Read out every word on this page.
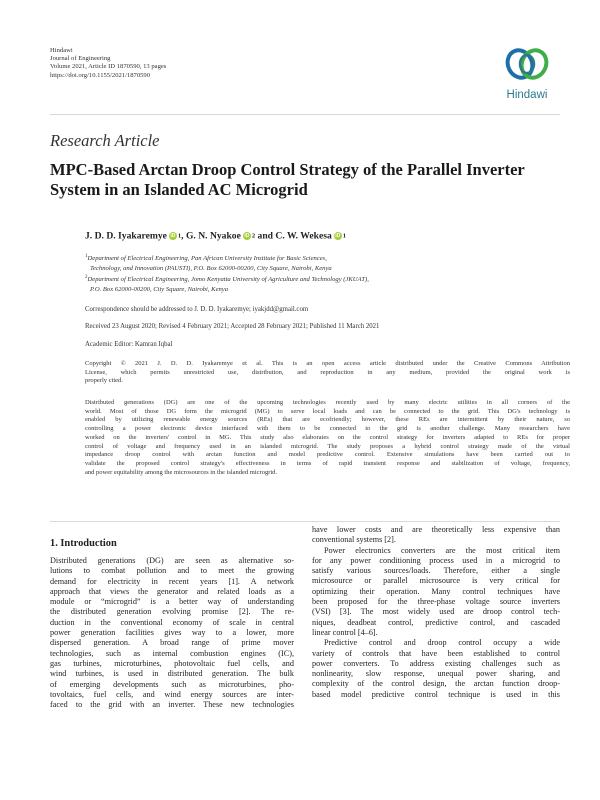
Hindawi
Journal of Engineering
Volume 2021, Article ID 1870590, 13 pages
https://doi.org/10.1155/2021/1870590
Hindawi
Research Article
MPC-Based Arctan Droop Control Strategy of the Parallel Inverter
System in an Islanded AC Microgrid
J. D. D. Iyakaremye iD 1, G. N. Nyakoe iD 2 and C. W. Wekesa iD 1
$^1$Department of Electrical Engineering, Pan African University Institute for Basic Sciences,
Technology, and Innovation (PAUSTI), P.O. Box 62000-00200, City Square, Nairobi, Kenya
$^2$Department of Electrical Engineering, Jomo Kenyatta University of Agriculture and Technology (JKUAT),
P.O. Box 62000-00200, City Square, Nairobi, Kenya
Correspondence should be addressed to J. D. D. Iyakaremye; iyakjdd@gmail.com
Received 23 August 2020; Revised 4 February 2021; Accepted 28 February 2021; Published 11 March 2021
Academic Editor: Kamran Iqbal
Copyright © 2021 J. D. D. Iyakaremye et al. This is an open access article distributed under the Creative Commons Attribution
License, which permits unrestricted use, distribution, and reproduction in any medium, provided the original work is
properly cited.
Distributed generations (DG) are one of the upcoming technologies recently used by many electric utilities in all corners of the
world. Most of those DG form the microgrid (MG) to serve local loads and can be connected to the grid. This DG's technology is
enabled by utilizing renewable energy sources (REs) that are ecofriendly; however, these REs are intermittent by their nature, so
controlling a power electronic device interfaced with them to be connected to the grid is another challenge. Many researchers have
worked on the inverters' control in MG. This study also elaborates on the control strategy for inverters adapted to REs for proper
control of voltage and frequency used in an islanded microgrid. The study proposes a hybrid control strategy made of the virtual
impedance droop control with arctan function and model predictive control. Extensive simulations have been carried out to
validate the proposed control strategy's effectiveness in terms of rapid transient response and stabilization of voltage, frequency,
and power equitability among the microsources in the islanded microgrid.
1. Introduction
Distributed generations (DG) are seen as alternative so-
lutions to combat pollution and to meet the growing
demand for electricity in recent years [1]. A network
approach that views the generator and related loads as a
module or “microgrid” is a better way of understanding
the distributed generation evolving promise [2]. The re-
duction in the conventional economy of scale in central
power generation facilities gives way to a lower, more
dispersed generation. A broad range of prime mover
technologies, such as internal combustion engines (IC),
gas turbines, microturbines, photovoltaic fuel cells, and
wind turbines, is used in distributed generation. The bulk
of emerging developments such as microturbines, pho-
tovoltaics, fuel cells, and wind energy sources are inter-
faced to the grid with an inverter. These new technologies
have lower costs and are theoretically less expensive than
conventional systems [2].
Power electronics converters are the most critical item
for any power conditioning process used in a microgrid to
satisfy various sources/loads. Therefore, either a single
microsource or parallel microsource is very critical for
optimizing their operation. Many control techniques have
been proposed for the three-phase voltage source inverters
(VSI) [3]. The most widely used are droop control tech-
niques, deadbeat control, predictive control, and cascaded
linear control [4–6].
Predictive control and droop control occupy a wide
variety of controls that have been established to control
power converters. To address existing challenges such as
nonlinearity, slow response, unequal power sharing, and
complexity of the control design, the arctan function droop-
based model predictive control technique is used in this
